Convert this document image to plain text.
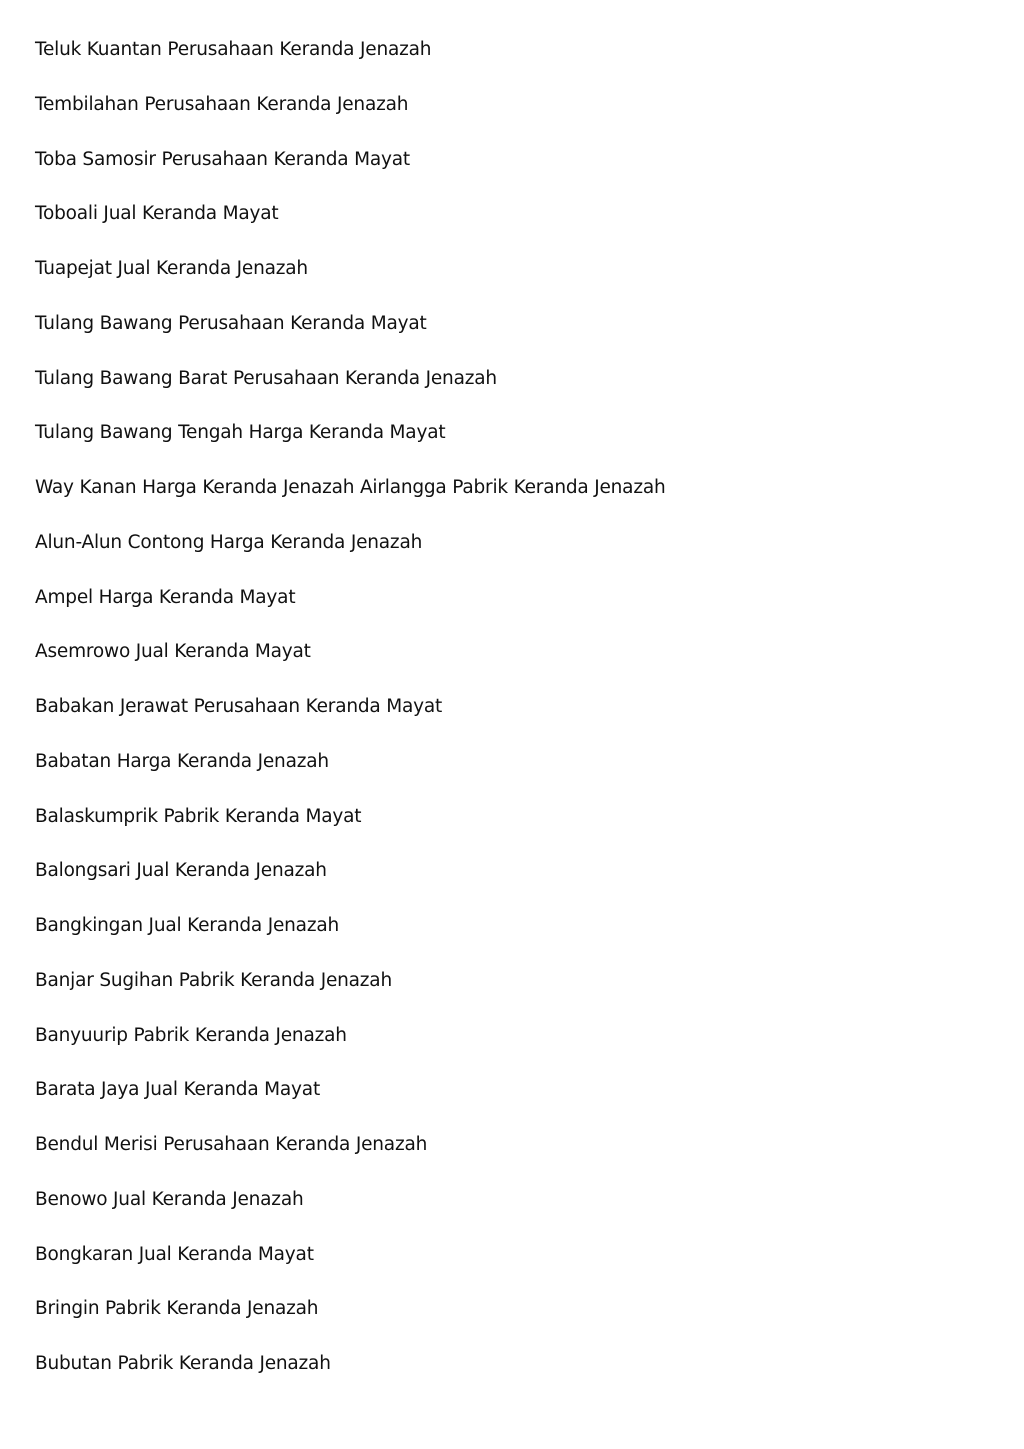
Teluk Kuantan Perusahaan Keranda Jenazah
Tembilahan Perusahaan Keranda Jenazah
Toba Samosir Perusahaan Keranda Mayat
Toboali Jual Keranda Mayat
Tuapejat Jual Keranda Jenazah
Tulang Bawang Perusahaan Keranda Mayat
Tulang Bawang Barat Perusahaan Keranda Jenazah
Tulang Bawang Tengah Harga Keranda Mayat
Way Kanan Harga Keranda Jenazah Airlangga Pabrik Keranda Jenazah
Alun-Alun Contong Harga Keranda Jenazah
Ampel Harga Keranda Mayat
Asemrowo Jual Keranda Mayat
Babakan Jerawat Perusahaan Keranda Mayat
Babatan Harga Keranda Jenazah
Balaskumprik Pabrik Keranda Mayat
Balongsari Jual Keranda Jenazah
Bangkingan Jual Keranda Jenazah
Banjar Sugihan Pabrik Keranda Jenazah
Banyuurip Pabrik Keranda Jenazah
Barata Jaya Jual Keranda Mayat
Bendul Merisi Perusahaan Keranda Jenazah
Benowo Jual Keranda Jenazah
Bongkaran Jual Keranda Mayat
Bringin Pabrik Keranda Jenazah
Bubutan Pabrik Keranda Jenazah
